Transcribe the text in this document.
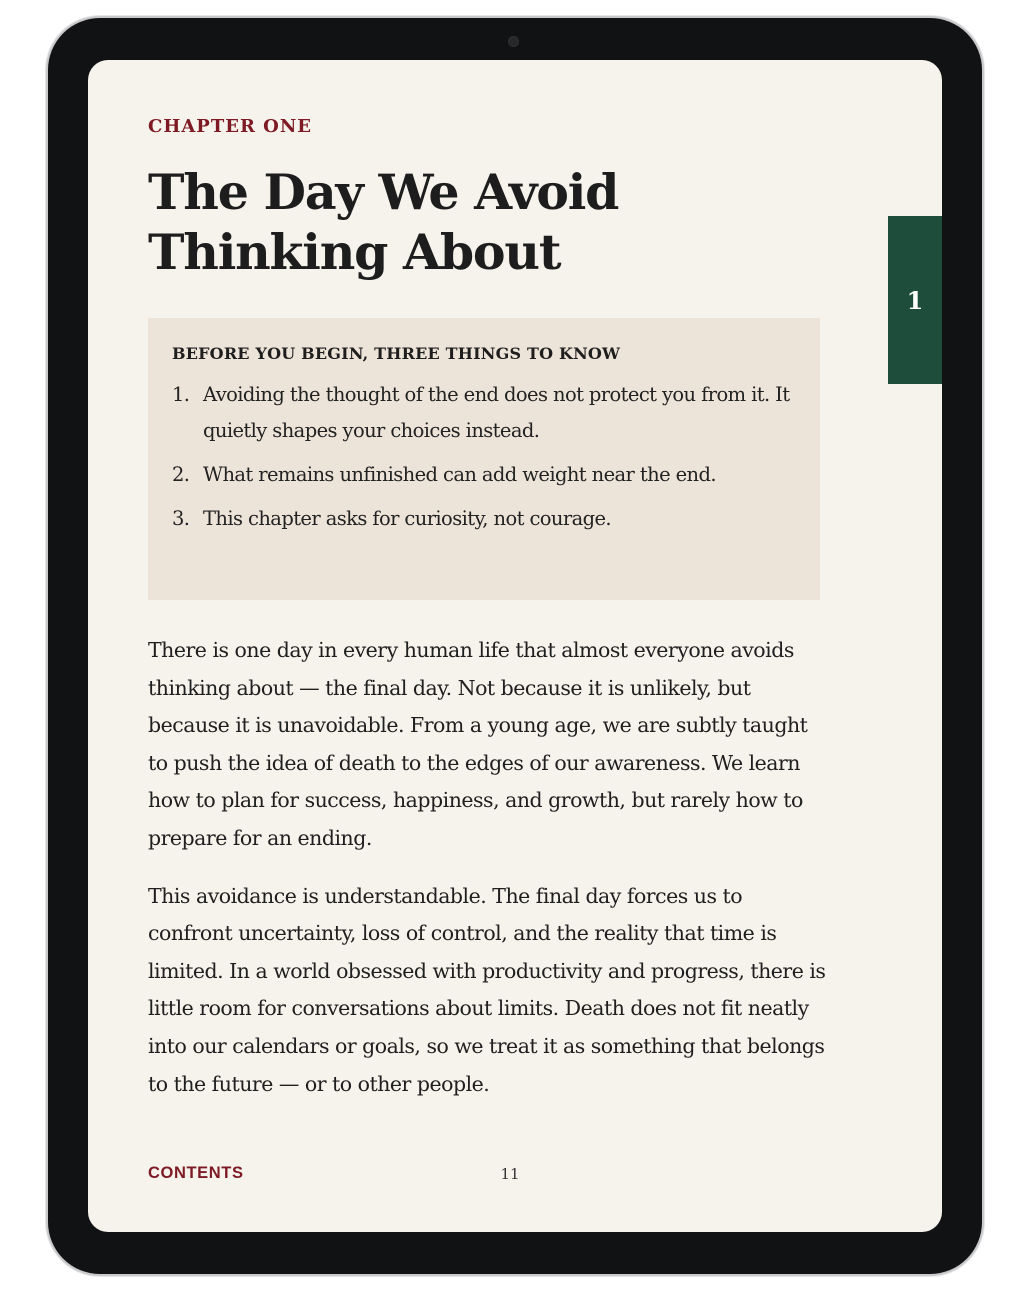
CHAPTER ONE
The Day We Avoid Thinking About
BEFORE YOU BEGIN, THREE THINGS TO KNOW
1. Avoiding the thought of the end does not protect you from it. It quietly shapes your choices instead.
2. What remains unfinished can add weight near the end.
3. This chapter asks for curiosity, not courage.

There is one day in every human life that almost everyone avoids thinking about — the final day. Not because it is unlikely, but because it is unavoidable. From a young age, we are subtly taught to push the idea of death to the edges of our awareness. We learn how to plan for success, happiness, and growth, but rarely how to prepare for an ending.

This avoidance is understandable. The final day forces us to confront uncertainty, loss of control, and the reality that time is limited. In a world obsessed with productivity and progress, there is little room for conversations about limits. Death does not fit neatly into our calendars or goals, so we treat it as something that belongs to the future — or to other people.

CONTENTS	11
1
